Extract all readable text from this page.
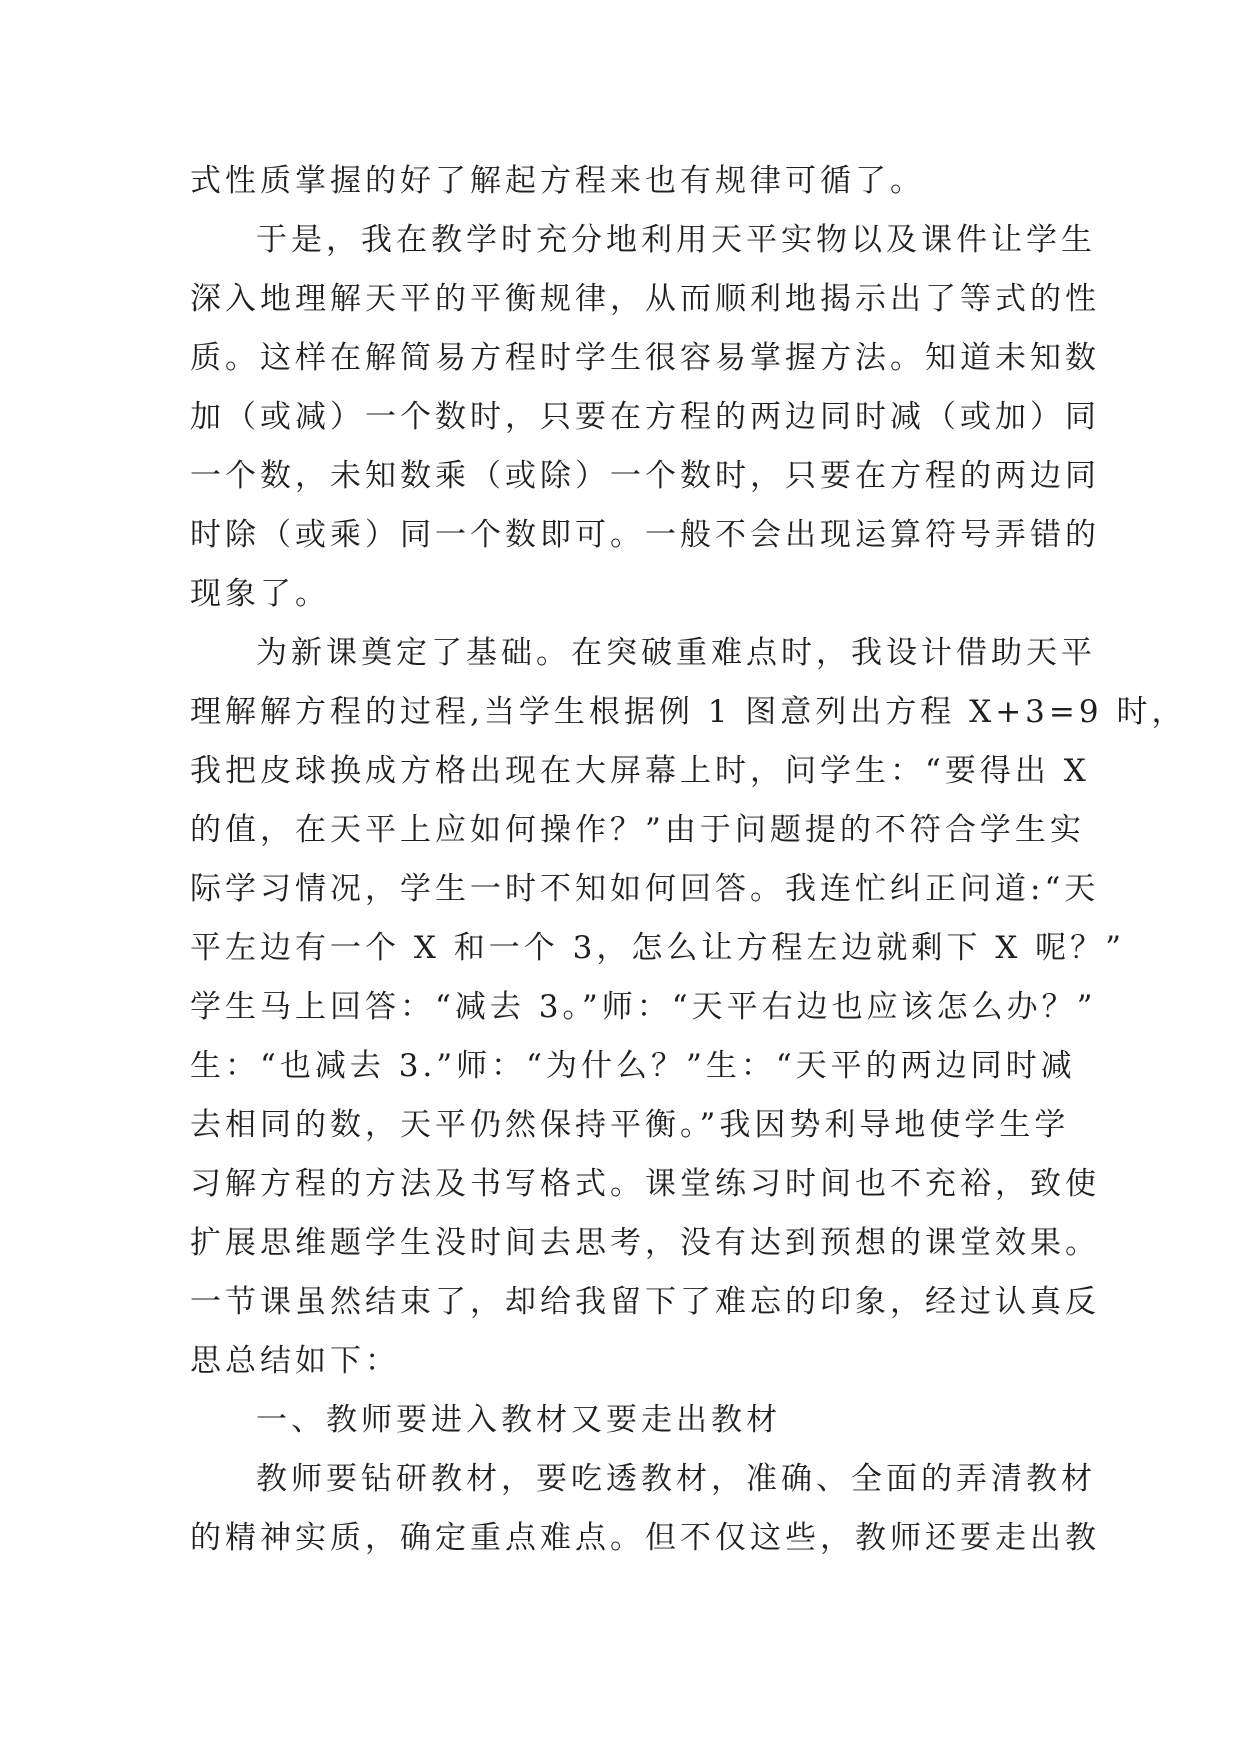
式性质掌握的好了解起方程来也有规律可循了。
于是，我在教学时充分地利用天平实物以及课件让学生
深入地理解天平的平衡规律，从而顺利地揭示出了等式的性
质。这样在解简易方程时学生很容易掌握方法。知道未知数
加（或减）一个数时，只要在方程的两边同时减（或加）同
一个数，未知数乘（或除）一个数时，只要在方程的两边同
时除（或乘）同一个数即可。一般不会出现运算符号弄错的
现象了。
为新课奠定了基础。在突破重难点时，我设计借助天平
理解解方程的过程,当学生根据例 1 图意列出方程 X+3=9 时，
我把皮球换成方格出现在大屏幕上时，问学生：“要得出 X
的值，在天平上应如何操作？”由于问题提的不符合学生实
际学习情况，学生一时不知如何回答。我连忙纠正问道:“天
平左边有一个 X 和一个 3，怎么让方程左边就剩下 X 呢？”
学生马上回答：“减去 3。”师：“天平右边也应该怎么办？”
生：“也减去 3.”师：“为什么？”生：“天平的两边同时减
去相同的数，天平仍然保持平衡。”我因势利导地使学生学
习解方程的方法及书写格式。课堂练习时间也不充裕，致使
扩展思维题学生没时间去思考，没有达到预想的课堂效果。
一节课虽然结束了，却给我留下了难忘的印象，经过认真反
思总结如下：
一、教师要进入教材又要走出教材
教师要钻研教材，要吃透教材，准确、全面的弄清教材
的精神实质，确定重点难点。但不仅这些，教师还要走出教
